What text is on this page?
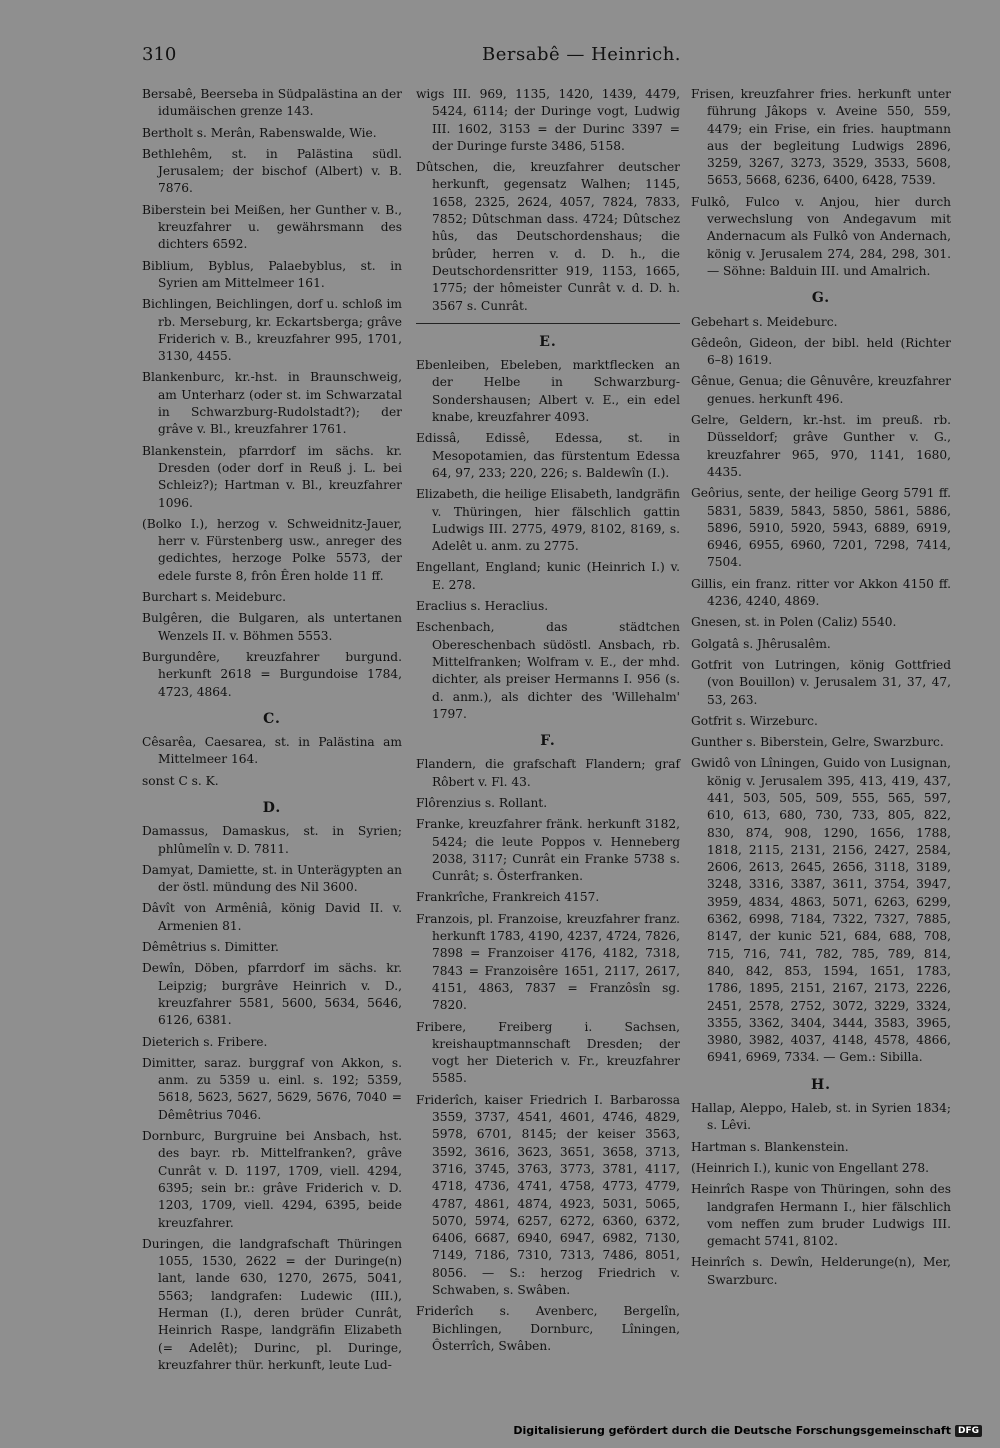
310	Bersabê — Heinrich.

Bersabê, Beerseba in Südpalästina an der idumäischen grenze 143.

Bertholt s. Merân, Rabenswalde, Wie.

Bethlehêm, st. in Palästina südl. Jerusalem; der bischof (Albert) v. B. 7876.

Biberstein bei Meißen, her Gunther v. B., kreuzfahrer u. gewährsmann des dichters 6592.

Biblium, Byblus, Palaebyblus, st. in Syrien am Mittelmeer 161.

Bichlingen, Beichlingen, dorf u. schloß im rb. Merseburg, kr. Eckartsberga; grâve Friderich v. B., kreuzfahrer 995, 1701, 3130, 4455.

Blankenburc, kr.-hst. in Braunschweig, am Unterharz (oder st. im Schwarzatal in Schwarzburg-Rudolstadt?); der grâve v. Bl., kreuzfahrer 1761.

Blankenstein, pfarrdorf im sächs. kr. Dresden (oder dorf in Reuß j. L. bei Schleiz?); Hartman v. Bl., kreuzfahrer 1096.

(Bolko I.), herzog v. Schweidnitz-Jauer, herr v. Fürstenberg usw., anreger des gedichtes, herzoge Polke 5573, der edele furste 8, frôn Êren holde 11 ff.

Burchart s. Meideburc.

Bulgêren, die Bulgaren, als untertanen Wenzels II. v. Böhmen 5553.

Burgundêre, kreuzfahrer burgund. herkunft 2618 = Burgundoise 1784, 4723, 4864.

C.

Cêsarêa, Caesarea, st. in Palästina am Mittelmeer 164.

sonst C s. K.

D.

Damassus, Damaskus, st. in Syrien; phlûmelîn v. D. 7811.

Damyat, Damiette, st. in Unterägypten an der östl. mündung des Nil 3600.

Dâvît von Armêniâ, könig David II. v. Armenien 81.

Dêmêtrius s. Dimitter.

Dewîn, Döben, pfarrdorf im sächs. kr. Leipzig; burgrâve Heinrich v. D., kreuzfahrer 5581, 5600, 5634, 5646, 6126, 6381.

Dieterich s. Fribere.

Dimitter, saraz. burggraf von Akkon, s. anm. zu 5359 u. einl. s. 192; 5359, 5618, 5623, 5627, 5629, 5676, 7040 = Dêmêtrius 7046.

Dornburc, Burgruine bei Ansbach, hst. des bayr. rb. Mittelfranken?, grâve Cunrât v. D. 1197, 1709, viell. 4294, 6395; sein br.: grâve Friderich v. D. 1203, 1709, viell. 4294, 6395, beide kreuzfahrer.

Duringen, die landgrafschaft Thüringen 1055, 1530, 2622 = der Duringe(n) lant, lande 630, 1270, 2675, 5041, 5563; landgrafen: Ludewic (III.), Herman (I.), deren brüder Cunrât, Heinrich Raspe, landgräfin Elizabeth (= Adelêt); Durinc, pl. Duringe, kreuzfahrer thür. herkunft, leute Lud-

wigs III. 969, 1135, 1420, 1439, 4479, 5424, 6114; der Duringe vogt, Ludwig III. 1602, 3153 = der Durinc 3397 = der Duringe furste 3486, 5158.

Dûtschen, die, kreuzfahrer deutscher herkunft, gegensatz Walhen; 1145, 1658, 2325, 2624, 4057, 7824, 7833, 7852; Dûtschman dass. 4724; Dûtschez hûs, das Deutschordenshaus; die brûder, herren v. d. D. h., die Deutschordensritter 919, 1153, 1665, 1775; der hômeister Cunrât v. d. D. h. 3567 s. Cunrât.

E.

Ebenleiben, Ebeleben, marktflecken an der Helbe in Schwarzburg-Sondershausen; Albert v. E., ein edel knabe, kreuzfahrer 4093.

Edissâ, Edissê, Edessa, st. in Mesopotamien, das fürstentum Edessa 64, 97, 233; 220, 226; s. Baldewîn (I.).

Elizabeth, die heilige Elisabeth, landgräfin v. Thüringen, hier fälschlich gattin Ludwigs III. 2775, 4979, 8102, 8169, s. Adelêt u. anm. zu 2775.

Engellant, England; kunic (Heinrich I.) v. E. 278.

Eraclius s. Heraclius.

Eschenbach, das städtchen Obereschenbach südöstl. Ansbach, rb. Mittelfranken; Wolfram v. E., der mhd. dichter, als preiser Hermanns I. 956 (s. d. anm.), als dichter des 'Willehalm' 1797.

F.

Flandern, die grafschaft Flandern; graf Rôbert v. Fl. 43.

Flôrenzius s. Rollant.

Franke, kreuzfahrer fränk. herkunft 3182, 5424; die leute Poppos v. Henneberg 2038, 3117; Cunrât ein Franke 5738 s. Cunrât; s. Ôsterfranken.

Frankrîche, Frankreich 4157.

Franzois, pl. Franzoise, kreuzfahrer franz. herkunft 1783, 4190, 4237, 4724, 7826, 7898 = Franzoiser 4176, 4182, 7318, 7843 = Franzoisêre 1651, 2117, 2617, 4151, 4863, 7837 = Franzôsîn sg. 7820.

Fribere, Freiberg i. Sachsen, kreishauptmannschaft Dresden; der vogt her Dieterich v. Fr., kreuzfahrer 5585.

Friderîch, kaiser Friedrich I. Barbarossa 3559, 3737, 4541, 4601, 4746, 4829, 5978, 6701, 8145; der keiser 3563, 3592, 3616, 3623, 3651, 3658, 3713, 3716, 3745, 3763, 3773, 3781, 4117, 4718, 4736, 4741, 4758, 4773, 4779, 4787, 4861, 4874, 4923, 5031, 5065, 5070, 5974, 6257, 6272, 6360, 6372, 6406, 6687, 6940, 6947, 6982, 7130, 7149, 7186, 7310, 7313, 7486, 8051, 8056. — S.: herzog Friedrich v. Schwaben, s. Swâben.

Friderîch s. Avenberc, Bergelîn, Bichlingen, Dornburc, Lîningen, Ôsterrîch, Swâben.

Frisen, kreuzfahrer fries. herkunft unter führung Jâkops v. Aveine 550, 559, 4479; ein Frise, ein fries. hauptmann aus der begleitung Ludwigs 2896, 3259, 3267, 3273, 3529, 3533, 5608, 5653, 5668, 6236, 6400, 6428, 7539.

Fulkô, Fulco v. Anjou, hier durch verwechslung von Andegavum mit Andernacum als Fulkô von Andernach, könig v. Jerusalem 274, 284, 298, 301. — Söhne: Balduin III. und Amalrich.

G.

Gebehart s. Meideburc.

Gêdeôn, Gideon, der bibl. held (Richter 6–8) 1619.

Gênue, Genua; die Gênuvêre, kreuzfahrer genues. herkunft 496.

Gelre, Geldern, kr.-hst. im preuß. rb. Düsseldorf; grâve Gunther v. G., kreuzfahrer 965, 970, 1141, 1680, 4435.

Geôrius, sente, der heilige Georg 5791 ff. 5831, 5839, 5843, 5850, 5861, 5886, 5896, 5910, 5920, 5943, 6889, 6919, 6946, 6955, 6960, 7201, 7298, 7414, 7504.

Gillis, ein franz. ritter vor Akkon 4150 ff. 4236, 4240, 4869.

Gnesen, st. in Polen (Caliz) 5540.

Golgatâ s. Jhêrusalêm.

Gotfrit von Lutringen, könig Gottfried (von Bouillon) v. Jerusalem 31, 37, 47, 53, 263.

Gotfrit s. Wirzeburc.

Gunther s. Biberstein, Gelre, Swarzburc.

Gwidô von Lîningen, Guido von Lusignan, könig v. Jerusalem 395, 413, 419, 437, 441, 503, 505, 509, 555, 565, 597, 610, 613, 680, 730, 733, 805, 822, 830, 874, 908, 1290, 1656, 1788, 1818, 2115, 2131, 2156, 2427, 2584, 2606, 2613, 2645, 2656, 3118, 3189, 3248, 3316, 3387, 3611, 3754, 3947, 3959, 4834, 4863, 5071, 6263, 6299, 6362, 6998, 7184, 7322, 7327, 7885, 8147, der kunic 521, 684, 688, 708, 715, 716, 741, 782, 785, 789, 814, 840, 842, 853, 1594, 1651, 1783, 1786, 1895, 2151, 2167, 2173, 2226, 2451, 2578, 2752, 3072, 3229, 3324, 3355, 3362, 3404, 3444, 3583, 3965, 3980, 3982, 4037, 4148, 4578, 4866, 6941, 6969, 7334. — Gem.: Sibilla.

H.

Hallap, Aleppo, Haleb, st. in Syrien 1834; s. Lêvi.

Hartman s. Blankenstein.

(Heinrich I.), kunic von Engellant 278.

Heinrîch Raspe von Thüringen, sohn des landgrafen Hermann I., hier fälschlich vom neffen zum bruder Ludwigs III. gemacht 5741, 8102.

Heinrîch s. Dewîn, Helderunge(n), Mer, Swarzburc.

Digitalisierung gefördert durch die Deutsche Forschungsgemeinschaft DFG
